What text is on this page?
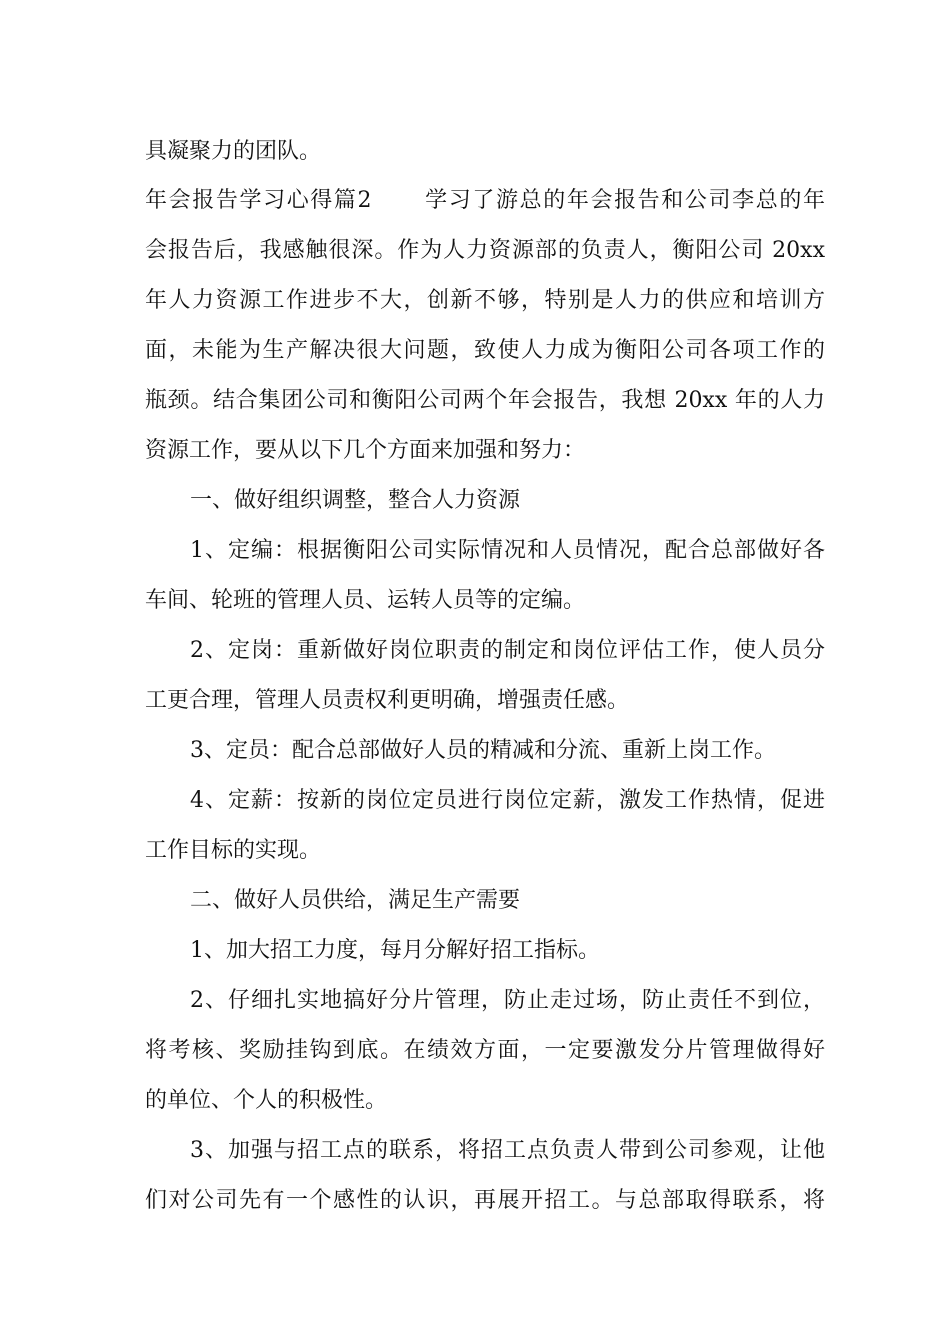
具凝聚力的团队。
年会报告学习心得篇2 学习了游总的年会报告和公司李总的年
会报告后，我感触很深。作为人力资源部的负责人，衡阳公司 20xx
年人力资源工作进步不大，创新不够，特别是人力的供应和培训方
面，未能为生产解决很大问题，致使人力成为衡阳公司各项工作的
瓶颈。结合集团公司和衡阳公司两个年会报告，我想 20xx 年的人力
资源工作，要从以下几个方面来加强和努力：
一、做好组织调整，整合人力资源
1、定编：根据衡阳公司实际情况和人员情况，配合总部做好各
车间、轮班的管理人员、运转人员等的定编。
2、定岗：重新做好岗位职责的制定和岗位评估工作，使人员分
工更合理，管理人员责权利更明确，增强责任感。
3、定员：配合总部做好人员的精减和分流、重新上岗工作。
4、定薪：按新的岗位定员进行岗位定薪，激发工作热情，促进
工作目标的实现。
二、做好人员供给，满足生产需要
1、加大招工力度，每月分解好招工指标。
2、仔细扎实地搞好分片管理，防止走过场，防止责任不到位，
将考核、奖励挂钩到底。在绩效方面，一定要激发分片管理做得好
的单位、个人的积极性。
3、加强与招工点的联系，将招工点负责人带到公司参观，让他
们对公司先有一个感性的认识，再展开招工。与总部取得联系，将
